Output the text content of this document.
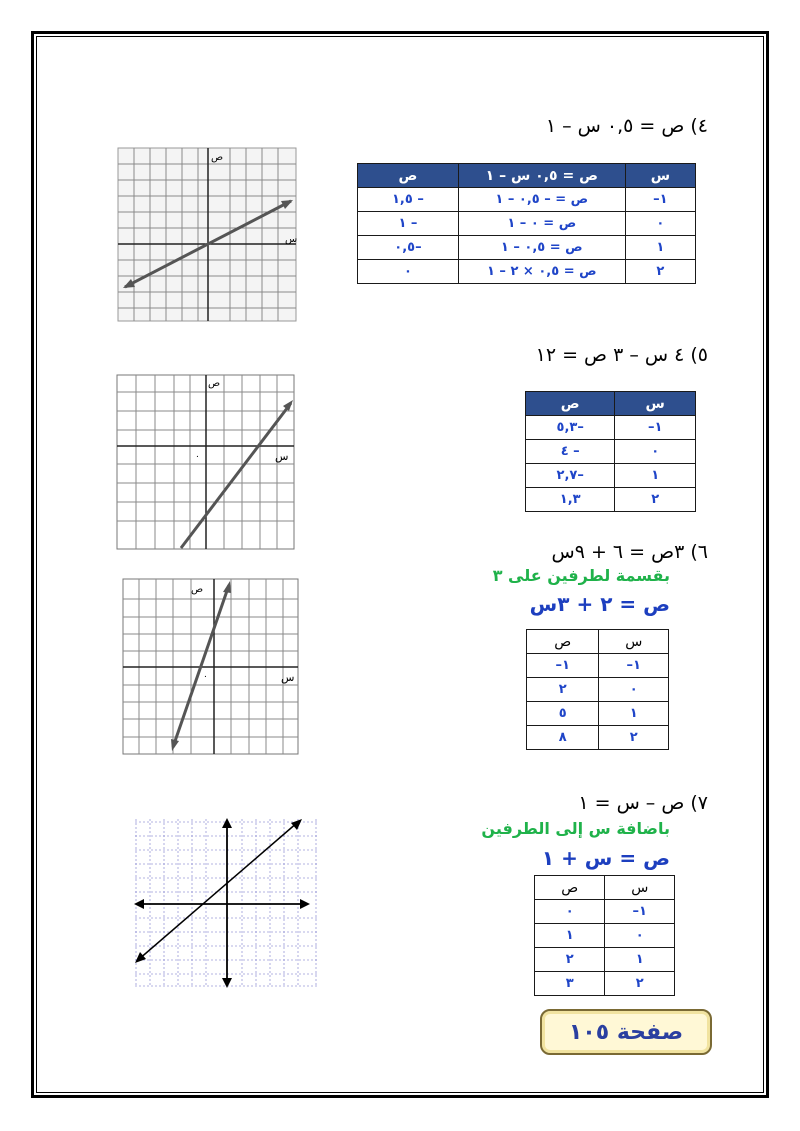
٤) ص = ٠,٥ س – ١
س	ص = ٠,٥ س – ١	ص
١–	ص = – ٠,٥ – ١	– ١,٥
٠	ص = ٠ – ١	– ١
١	ص = ٠,٥ – ١	–٠,٥
٢	ص = ٠,٥ × ٢ – ١	٠
ص
س
٥) ٤ س – ٣ ص = ١٢
س	ص
١–	–٥,٣
٠	– ٤
١	–٢,٧
٢	١,٣
ص
س
٠
٦) ٣ص = ٦ + ٩س
بقسمة لطرفين على ٣
ص = ٢ + ٣س
س	ص
١–	١–
٠	٢
١	٥
٢	٨
ص
س
٠
٧) ص – س = ١
باضافة س إلى الطرفين
ص = س + ١
س	ص
١–	٠
٠	١
١	٢
٢	٣
صفحة ١٠٥
